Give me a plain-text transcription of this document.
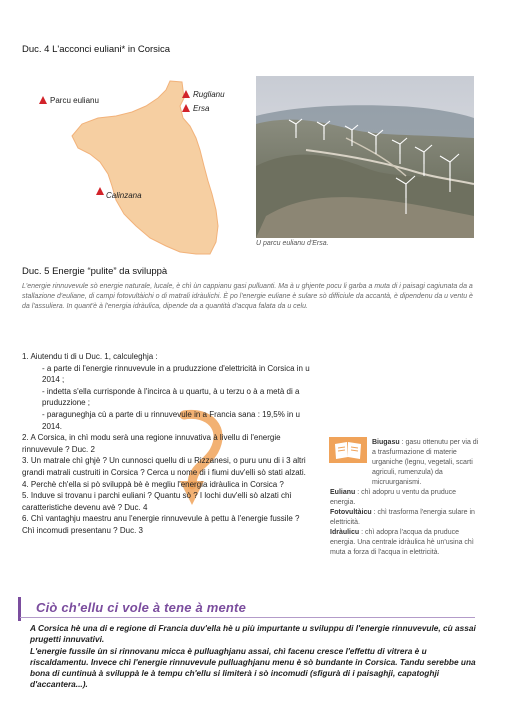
Duc. 4 L'acconci euliani* in Corsica
Parcu eulianu
Ruglianu
Ersa
Calinzana
U parcu eulianu d'Ersa.
Duc. 5 Energie “pulite” da sviluppà
L'energie rinnuvevule sò energie naturale, lucale, è chì ùn cappianu gasi pulluanti. Ma à u ghjente pocu li garba a muta di i paisagi cagiunata da a stallazione d'euliane, di campi fotovultàichi o di matrali idràulichi. È po l'energie euliane è sulare sò difficiule da accantà, è dipendenu da u ventu è da l'assuliera. In quant'è à l'energia idràulica, dipende da a quantità d'acqua falata da u celu.

1. Aiutendu ti di u Duc. 1, calculeghja :

- a parte di l'energie rinnuvevule in a pruduzzione d'elettricità in Corsica in u 2014 ;

- indetta s'ella currisponde à l'incirca à u quartu, à u terzu o à a metà di a pruduzzione ;

- paraguneghja cù a parte di u rinnuvevule in a Francia sana : 19,5% in u 2014.

2. A Corsica, in chì modu serà una regione innuvativa à livellu di l'energie rinnuvevule ? Duc. 2

3. Un matrale chì ghjè ? Un cunnosci quellu di u Rizzanesi, o puru unu di i 3 altri grandi matrali custruiti in Corsica ? Cerca u nome di i fiumi duv'elli sò stati alzati.

4. Perchè ch'ella si pò sviluppà bè è megliu l'energia idràulica in Corsica ?

5. Induve si trovanu i parchi euliani ? Quantu sò ? I lochi duv'elli sò alzati chì caratteristiche devenu avè ? Duc. 4

6. Chì vantaghju maestru anu l'energie rinnuvevule à pettu à l'energie fussile ? Chì incomudi presentanu ? Duc. 3

Biugasu : gasu ottenutu per via di a trasfurmazione di materie urganiche (legnu, vegetali, scarti agriculi, rumenzula) da micruurganismi.
Eulianu : chì adopru u ventu da pruduce energia.
Fotovultàicu : chì trasforma l'energia sulare in elettricità.
Idràulicu : chì adopra l'acqua da pruduce energia. Una centrale idràulica hè un'usina chì muta a forza di l'acqua in elettricità.
Ciò ch'ellu ci vole à tene à mente

A Corsica hè una di e regione di Francia duv'ella hè u più impurtante u sviluppu di l'energie rinnuvevule, cù assai prugetti innuvativi.

L'energie fussile ùn si rinnovanu micca è pulluaghjanu assai, chì facenu cresce l'effettu di vitrera è u riscaldamentu. Invece chì l'energie rinnuvevule pulluaghjanu menu è sò bundante in Corsica. Tandu serebbe una bona di cuntinuà à sviluppà le à tempu ch'ellu si limiterà i sò incomudi (sfigurà di i paisaghji, capatoghji d'accantera...).
